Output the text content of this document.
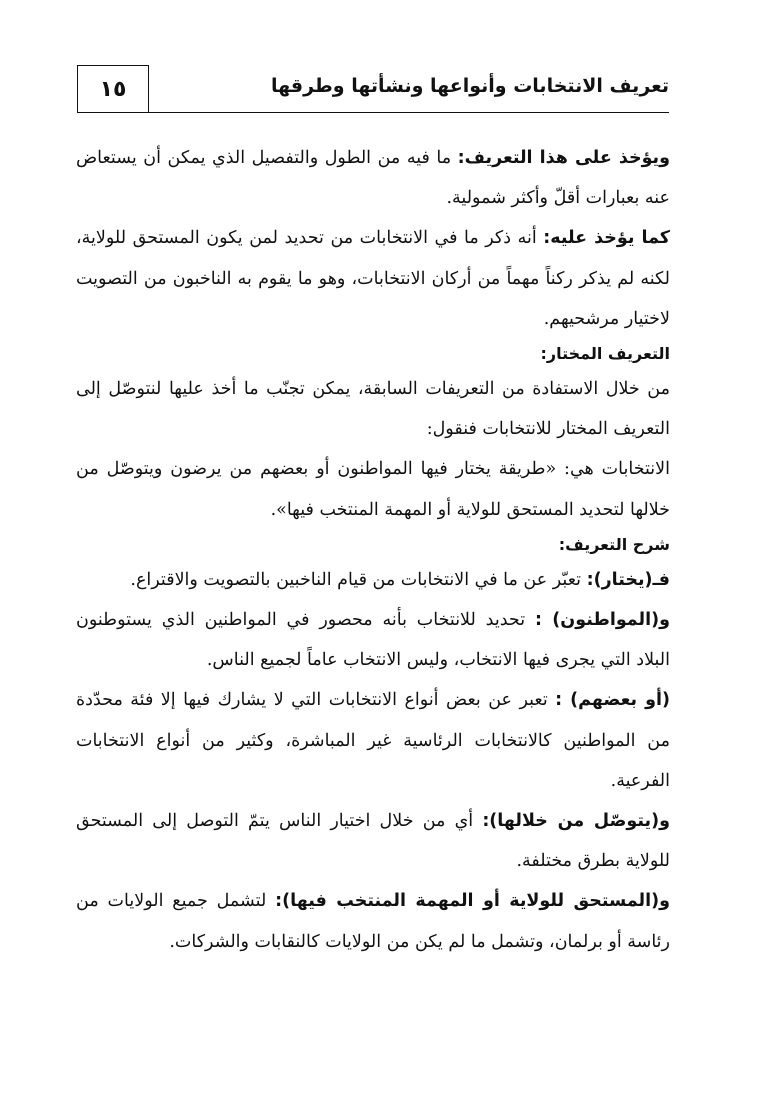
تعريف الانتخابات وأنواعها ونشأتها وطرقها
١٥

ويؤخذ على هذا التعريف: ما فيه من الطول والتفصيل الذي يمكن أن يستعاض عنه بعبارات أقلّ وأكثر شمولية.

كما يؤخذ عليه: أنه ذكر ما في الانتخابات من تحديد لمن يكون المستحق للولاية، لكنه لم يذكر ركناً مهماً من أركان الانتخابات، وهو ما يقوم به الناخبون من التصويت لاختيار مرشحيهم.

التعريف المختار:

من خلال الاستفادة من التعريفات السابقة، يمكن تجنّب ما أخذ عليها لنتوصّل إلى التعريف المختار للانتخابات فنقول:

الانتخابات هي: «طريقة يختار فيها المواطنون أو بعضهم من يرضون ويتوصّل من خلالها لتحديد المستحق للولاية أو المهمة المنتخب فيها».

شرح التعريف:

فـ(يختار): تعبّر عن ما في الانتخابات من قيام الناخبين بالتصويت والاقتراع.

و(المواطنون) : تحديد للانتخاب بأنه محصور في المواطنين الذي يستوطنون البلاد التي يجرى فيها الانتخاب، وليس الانتخاب عاماً لجميع الناس.

(أو بعضهم) : تعبر عن بعض أنواع الانتخابات التي لا يشارك فيها إلا فئة محدّدة من المواطنين كالانتخابات الرئاسية غير المباشرة، وكثير من أنواع الانتخابات الفرعية.

و(يتوصّل من خلالها): أي من خلال اختيار الناس يتمّ التوصل إلى المستحق للولاية بطرق مختلفة.

و(المستحق للولاية أو المهمة المنتخب فيها): لتشمل جميع الولايات من رئاسة أو برلمان، وتشمل ما لم يكن من الولايات كالنقابات والشركات.
